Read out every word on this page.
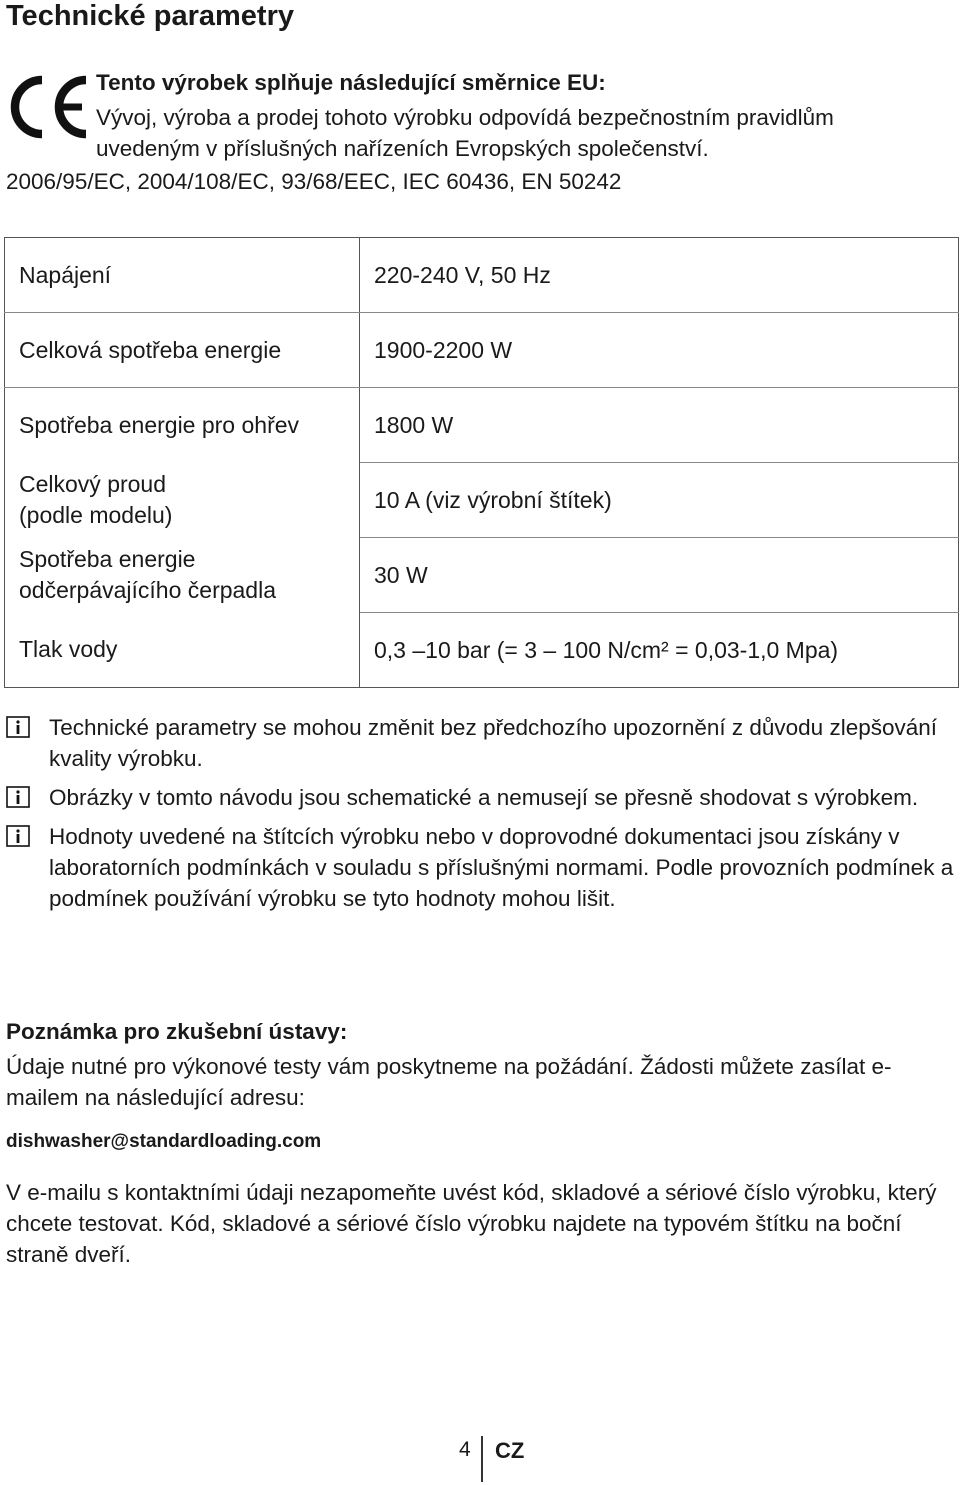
Technické parametry
Tento výrobek splňuje následující směrnice EU:
Vývoj, výroba a prodej tohoto výrobku odpovídá bezpečnostním pravidlům
uvedeným v příslušných nařízeních Evropských společenství.
2006/95/EC, 2004/108/EC, 93/68/EEC, IEC 60436, EN 50242
Napájení	220-240 V, 50 Hz

Celková spotřeba energie	1900-2200 W

Spotřeba energie pro ohřev	1800 W

Celkový proud
(podle modelu)	10 A (viz výrobní štítek)

Spotřeba energie
odčerpávajícího čerpadla	30 W

Tlak vody	0,3 –10 bar (= 3 – 100 N/cm² = 0,03-1,0 Mpa)
Technické parametry se mohou změnit bez předchozího upozornění z důvodu zlepšování kvality výrobku.
Obrázky v tomto návodu jsou schematické a nemusejí se přesně shodovat s výrobkem.
Hodnoty uvedené na štítcích výrobku nebo v doprovodné dokumentaci jsou získány v laboratorních podmínkách v souladu s příslušnými normami. Podle provozních podmínek a podmínek používání výrobku se tyto hodnoty mohou lišit.
Poznámka pro zkušební ústavy:
Údaje nutné pro výkonové testy vám poskytneme na požádání. Žádosti můžete zasílat e-mailem na následující adresu:
dishwasher@standardloading.com
V e-mailu s kontaktními údaji nezapomeňte uvést kód, skladové a sériové číslo výrobku, který chcete testovat. Kód, skladové a sériové číslo výrobku najdete na typovém štítku na boční straně dveří.
4 CZ
